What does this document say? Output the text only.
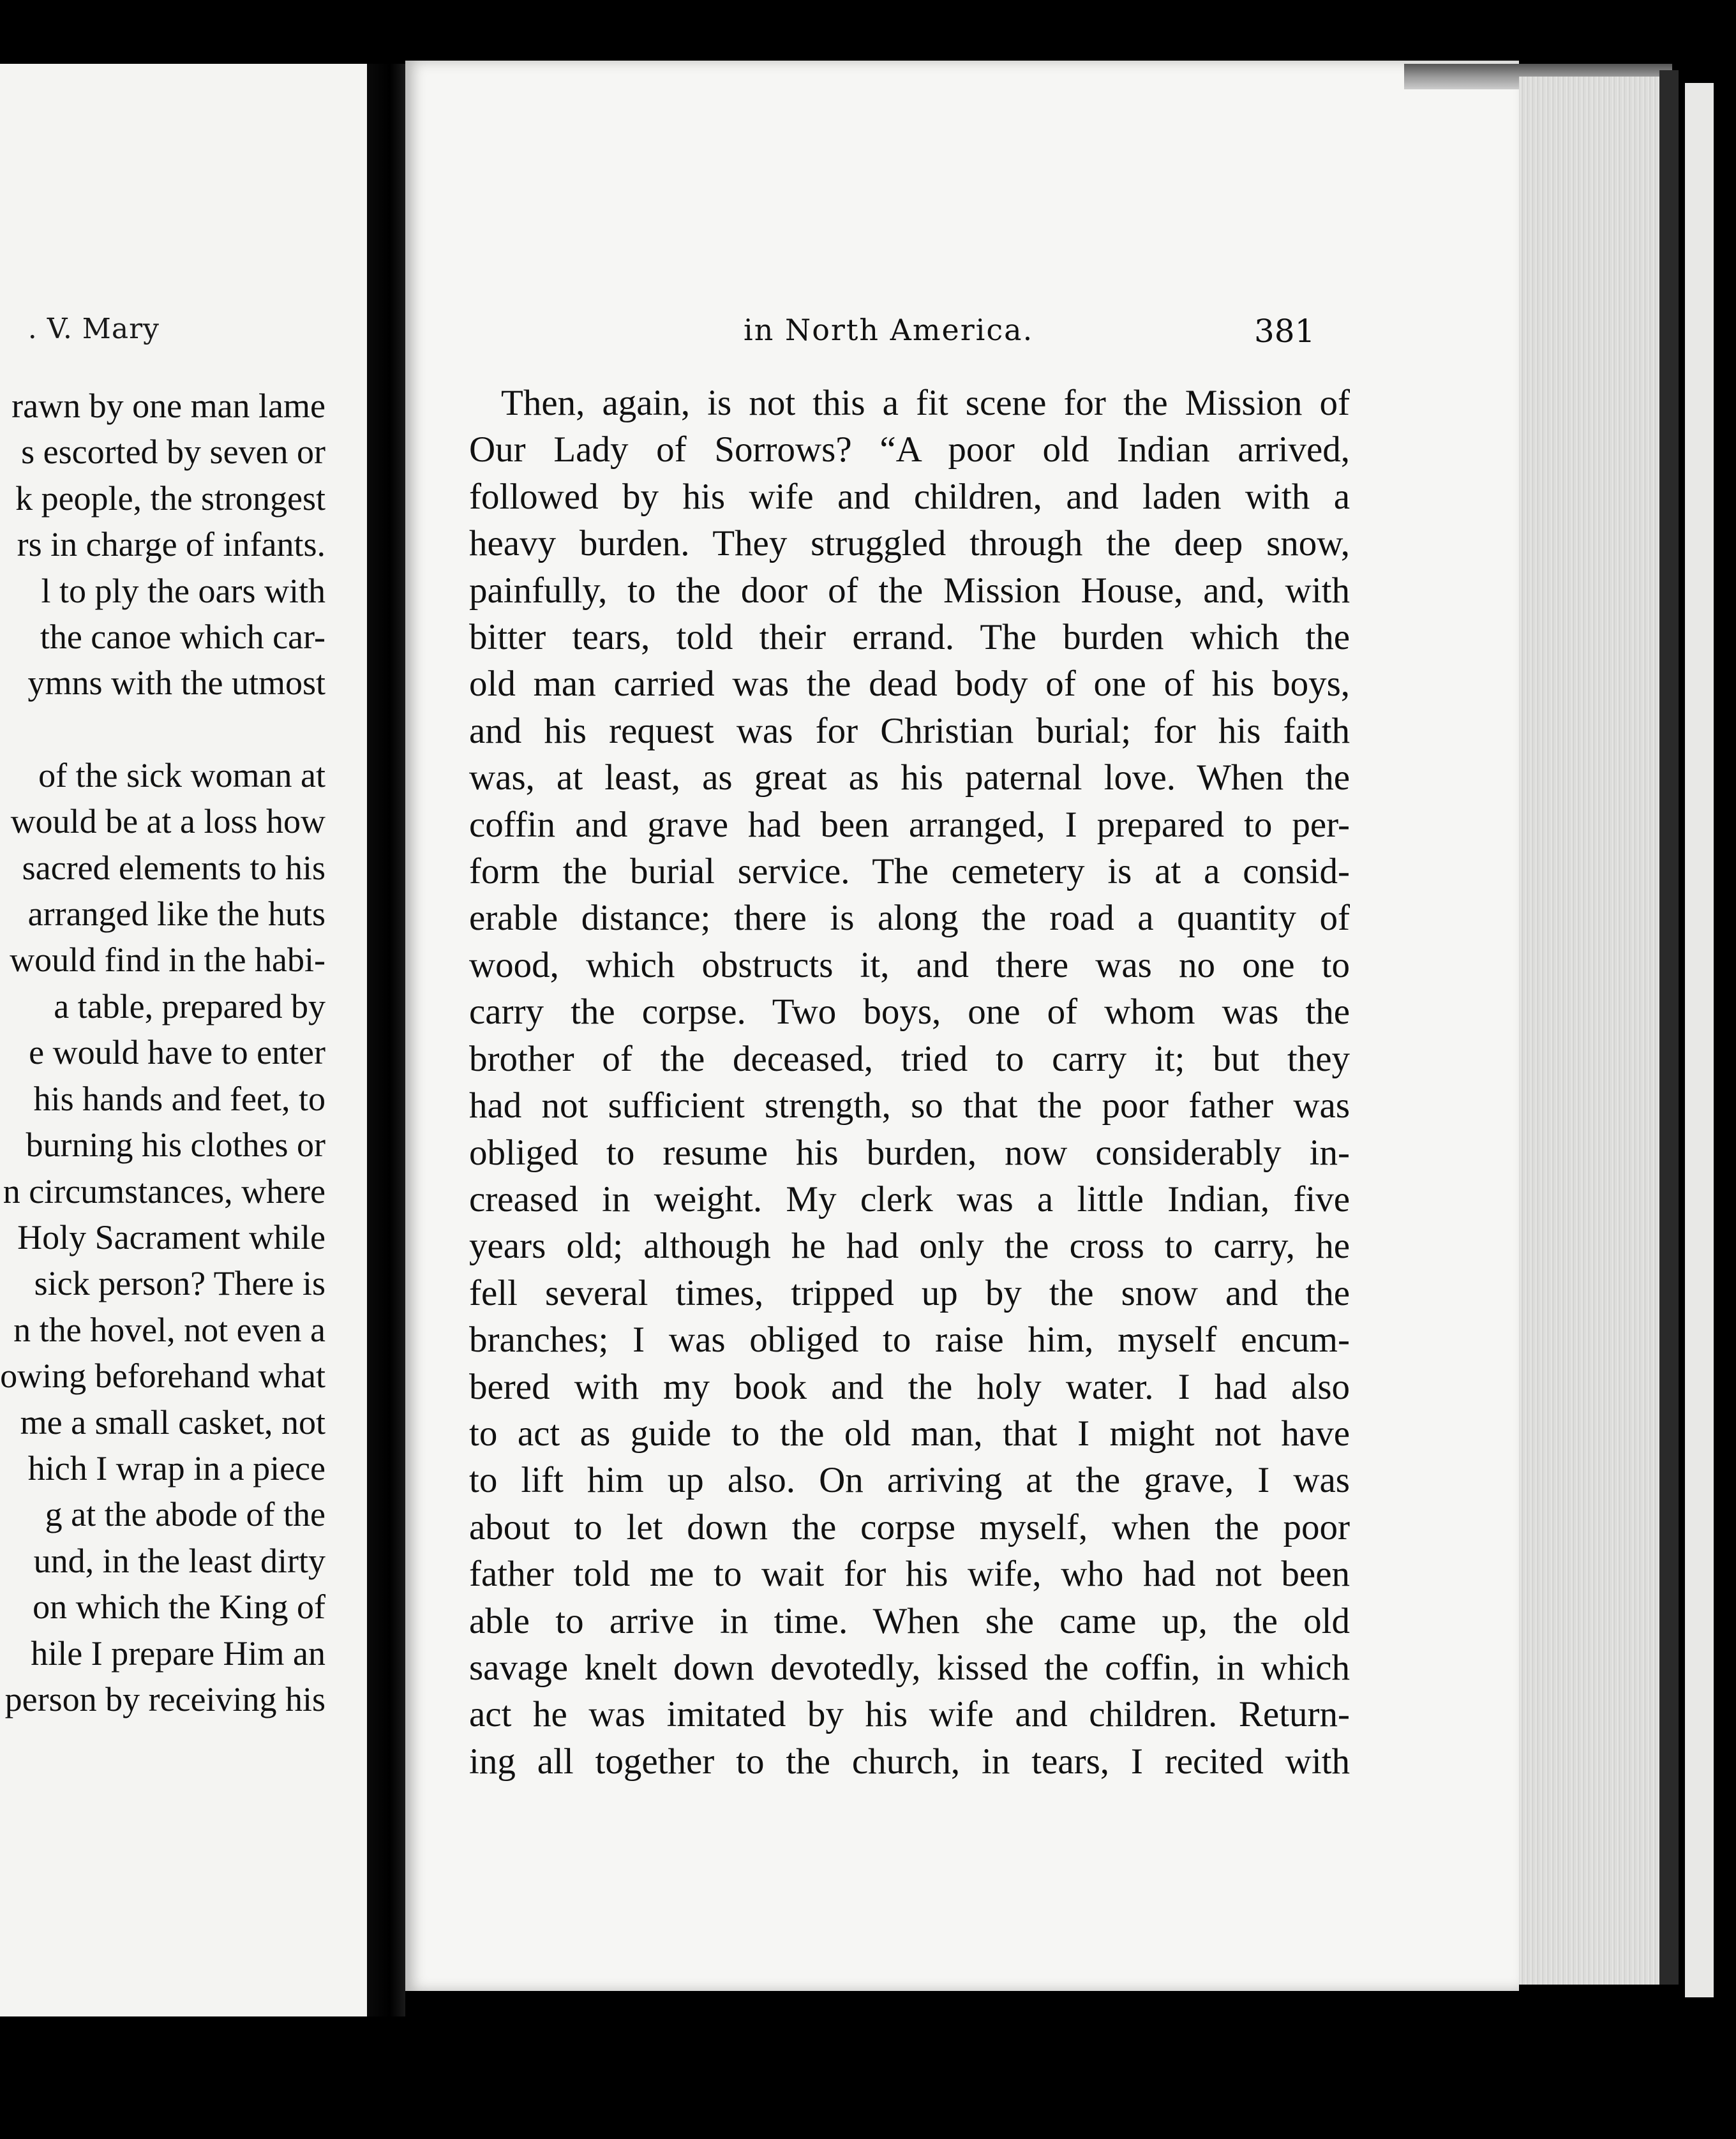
. V. Mary
rawn by one man lame
s escorted by seven or
k people, the strongest
rs in charge of infants.
l to ply the oars with
the canoe which car-
ymns with the utmost
of the sick woman at
would be at a loss how
sacred elements to his
arranged like the huts
would find in the habi-
a table, prepared by
e would have to enter
his hands and feet, to
burning his clothes or
n circumstances, where
Holy Sacrament while
sick person? There is
n the hovel, not even a
owing beforehand what
me a small casket, not
hich I wrap in a piece
g at the abode of the
und, in the least dirty
on which the King of
hile I prepare Him an
person by receiving his
in North America.	381
Then, again, is not this a fit scene for the Mission of
Our Lady of Sorrows? “A poor old Indian arrived,
followed by his wife and children, and laden with a
heavy burden. They struggled through the deep snow,
painfully, to the door of the Mission House, and, with
bitter tears, told their errand. The burden which the
old man carried was the dead body of one of his boys,
and his request was for Christian burial; for his faith
was, at least, as great as his paternal love. When the
coffin and grave had been arranged, I prepared to per-
form the burial service. The cemetery is at a consid-
erable distance; there is along the road a quantity of
wood, which obstructs it, and there was no one to
carry the corpse. Two boys, one of whom was the
brother of the deceased, tried to carry it; but they
had not sufficient strength, so that the poor father was
obliged to resume his burden, now considerably in-
creased in weight. My clerk was a little Indian, five
years old; although he had only the cross to carry, he
fell several times, tripped up by the snow and the
branches; I was obliged to raise him, myself encum-
bered with my book and the holy water. I had also
to act as guide to the old man, that I might not have
to lift him up also. On arriving at the grave, I was
about to let down the corpse myself, when the poor
father told me to wait for his wife, who had not been
able to arrive in time. When she came up, the old
savage knelt down devotedly, kissed the coffin, in which
act he was imitated by his wife and children. Return-
ing all together to the church, in tears, I recited with
